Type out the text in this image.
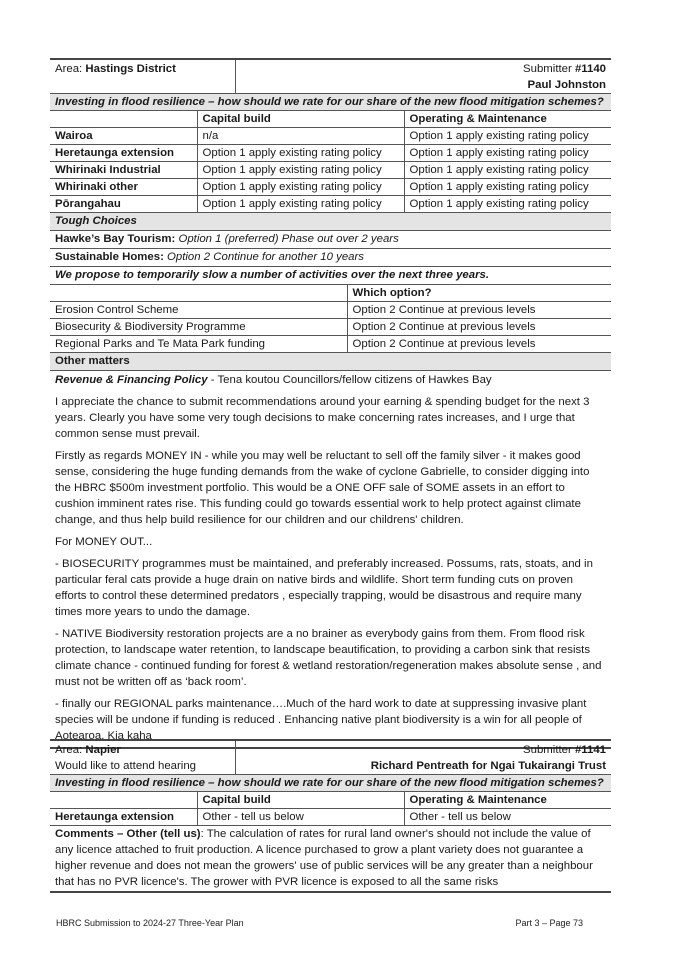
Area: Hastings District	Submitter #1140
Paul Johnston
Investing in flood resilience – how should we rate for our share of the new flood mitigation schemes?
	Capital build	Operating & Maintenance
Wairoa	n/a	Option 1 apply existing rating policy
Heretaunga extension	Option 1 apply existing rating policy	Option 1 apply existing rating policy
Whirinaki Industrial	Option 1 apply existing rating policy	Option 1 apply existing rating policy
Whirinaki other	Option 1 apply existing rating policy	Option 1 apply existing rating policy
Pōrangahau	Option 1 apply existing rating policy	Option 1 apply existing rating policy
Tough Choices
Hawke’s Bay Tourism: Option 1 (preferred) Phase out over 2 years
Sustainable Homes: Option 2 Continue for another 10 years
We propose to temporarily slow a number of activities over the next three years.
	Which option?
Erosion Control Scheme	Option 2 Continue at previous levels
Biosecurity & Biodiversity Programme	Option 2 Continue at previous levels
Regional Parks and Te Mata Park funding	Option 2 Continue at previous levels
Other matters

Revenue & Financing Policy - Tena koutou Councillors/fellow citizens of Hawkes Bay

I appreciate the chance to submit recommendations around your earning & spending budget for the next 3 years. Clearly you have some very tough decisions to make concerning rates increases, and I urge that common sense must prevail.

Firstly as regards MONEY IN - while you may well be reluctant to sell off the family silver - it makes good sense, considering the huge funding demands from the wake of cyclone Gabrielle, to consider digging into the HBRC $500m investment portfolio. This would be a ONE OFF sale of SOME assets in an effort to cushion imminent rates rise. This funding could go towards essential work to help protect against climate change, and thus help build resilience for our children and our childrens' children.

For MONEY OUT...

- BIOSECURITY programmes must be maintained, and preferably increased. Possums, rats, stoats, and in particular feral cats provide a huge drain on native birds and wildlife. Short term funding cuts on proven efforts to control these determined predators , especially trapping, would be disastrous and require many times more years to undo the damage.

- NATIVE Biodiversity restoration projects are a no brainer as everybody gains from them. From flood risk protection, to landscape water retention, to landscape beautification, to providing a carbon sink that resists climate chance - continued funding for forest & wetland restoration/regeneration makes absolute sense , and must not be written off as ‘back room’.

- finally our REGIONAL parks maintenance….Much of the hard work to date at suppressing invasive plant species will be undone if funding is reduced . Enhancing native plant biodiversity is a win for all people of Aotearoa. Kia kaha

Area: Napier
Would like to attend hearing	Submitter #1141
Richard Pentreath for Ngai Tukairangi Trust
Investing in flood resilience – how should we rate for our share of the new flood mitigation schemes?
	Capital build	Operating & Maintenance
Heretaunga extension	Other - tell us below	Other - tell us below
Comments – Other (tell us): The calculation of rates for rural land owner's should not include the value of any licence attached to fruit production. A licence purchased to grow a plant variety does not guarantee a higher revenue and does not mean the growers' use of public services will be any greater than a neighbour that has no PVR licence's. The grower with PVR licence is exposed to all the same risks
HBRC Submission to 2024-27 Three-Year Plan	Part 3 – Page 73
